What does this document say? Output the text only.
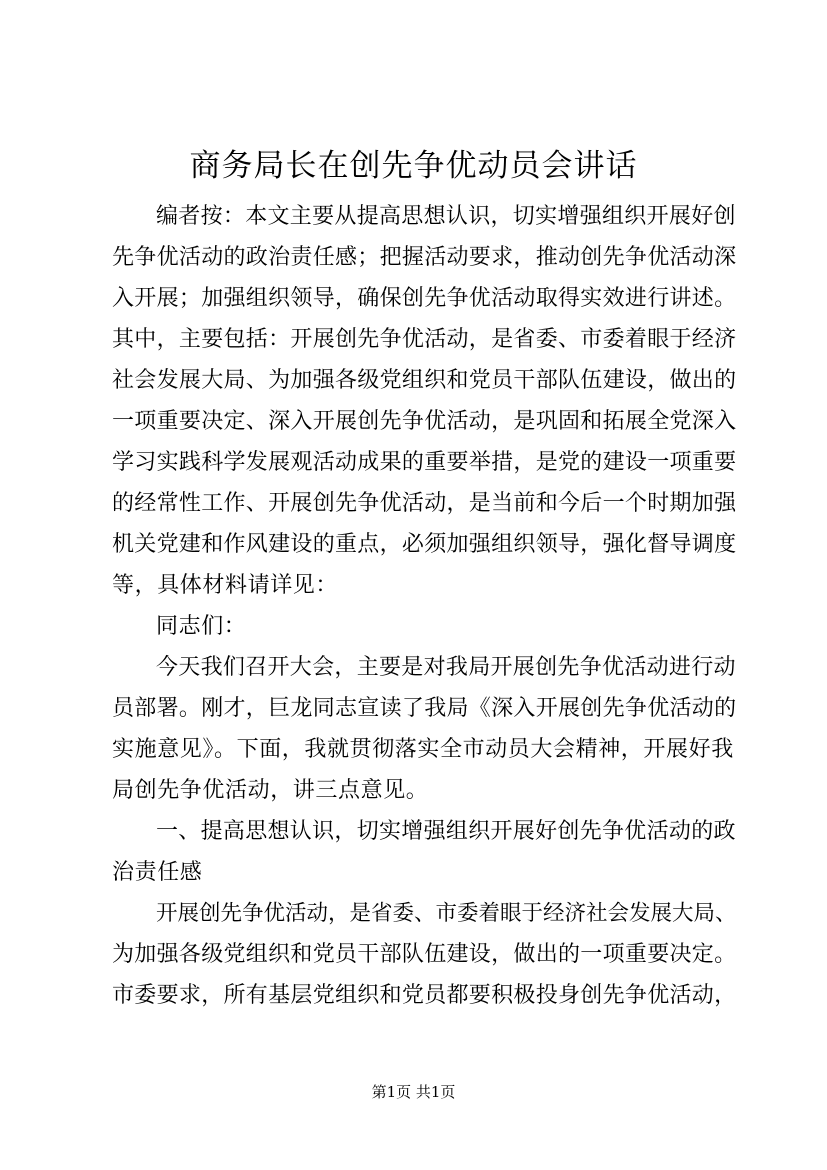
商务局长在创先争优动员会讲话
编者按：本文主要从提高思想认识，切实增强组织开展好创
先争优活动的政治责任感；把握活动要求，推动创先争优活动深
入开展；加强组织领导，确保创先争优活动取得实效进行讲述。
其中，主要包括：开展创先争优活动，是省委、市委着眼于经济
社会发展大局、为加强各级党组织和党员干部队伍建设，做出的
一项重要决定、深入开展创先争优活动，是巩固和拓展全党深入
学习实践科学发展观活动成果的重要举措，是党的建设一项重要
的经常性工作、开展创先争优活动，是当前和今后一个时期加强
机关党建和作风建设的重点，必须加强组织领导，强化督导调度
等，具体材料请详见：
同志们：
今天我们召开大会，主要是对我局开展创先争优活动进行动
员部署。刚才，巨龙同志宣读了我局《深入开展创先争优活动的
实施意见》。下面，我就贯彻落实全市动员大会精神，开展好我
局创先争优活动，讲三点意见。
一、提高思想认识，切实增强组织开展好创先争优活动的政
治责任感
开展创先争优活动，是省委、市委着眼于经济社会发展大局、
为加强各级党组织和党员干部队伍建设，做出的一项重要决定。
市委要求，所有基层党组织和党员都要积极投身创先争优活动，
第1页 共1页
